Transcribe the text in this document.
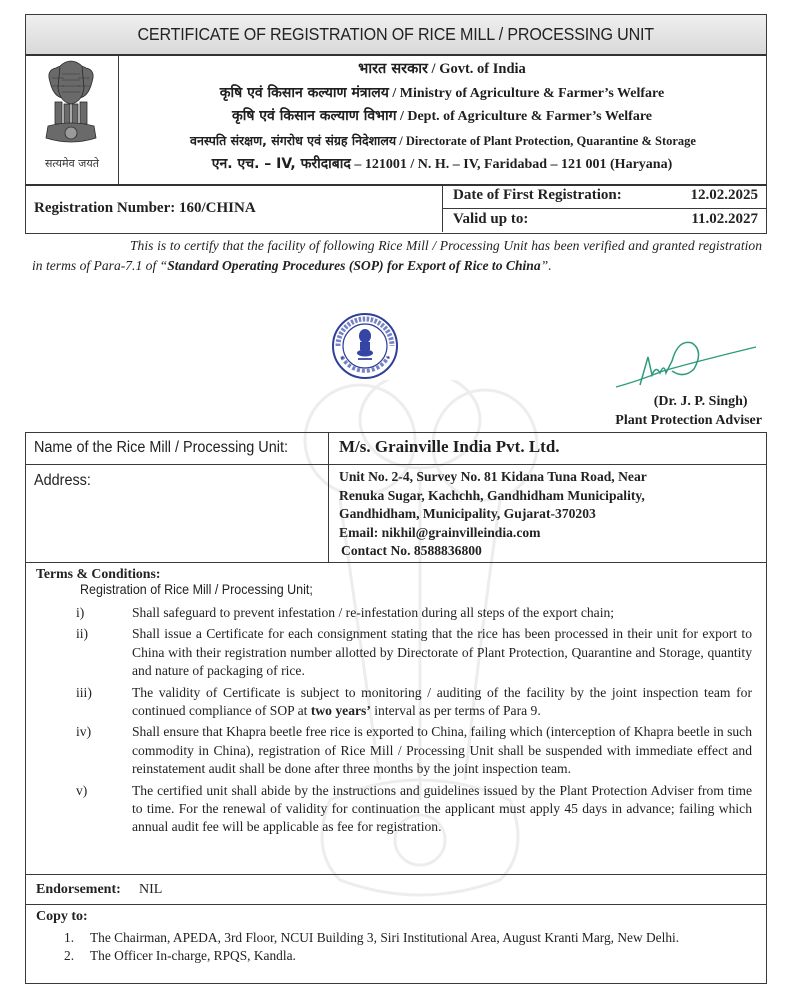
CERTIFICATE OF REGISTRATION OF RICE MILL / PROCESSING UNIT
सत्यमेव जयते
भारत सरकार / Govt. of India
कृषि एवं किसान कल्याण मंत्रालय / Ministry of Agriculture & Farmer’s Welfare
कृषि एवं किसान कल्याण विभाग / Dept. of Agriculture & Farmer’s Welfare
वनस्पति संरक्षण, संगरोध एवं संग्रह निदेशालय / Directorate of Plant Protection, Quarantine & Storage
एन. एच. – IV, फरीदाबाद – 121001 / N. H. – IV, Faridabad – 121 001 (Haryana)
Registration Number: 160/CHINA
Date of First Registration:	12.02.2025
Valid up to:	11.02.2027

This is to certify that the facility of following Rice Mill / Processing Unit has been verified and granted registration in terms of Para-7.1 of “Standard Operating Procedures (SOP) for Export of Rice to China”.

★	★
(Dr. J. P. Singh)
Plant Protection Adviser
Name of the Rice Mill / Processing Unit:	M/s. Grainville India Pvt. Ltd.
Address:	Unit No. 2-4, Survey No. 81 Kidana Tuna Road, Near
Renuka Sugar, Kachchh, Gandhidham Municipality,
Gandhidham, Municipality, Gujarat-370203
Email: nikhil@grainvilleindia.com
Contact No. 8588836800
Terms & Conditions:
Registration of Rice Mill / Processing Unit;
i)	Shall safeguard to prevent infestation / re-infestation during all steps of the export chain;
ii)	Shall issue a Certificate for each consignment stating that the rice has been processed in their unit for export to China with their registration number allotted by Directorate of Plant Protection, Quarantine and Storage, quantity and nature of packaging of rice.
iii)	The validity of Certificate is subject to monitoring / auditing of the facility by the joint inspection team for continued compliance of SOP at two years’ interval as per terms of Para 9.
iv)	Shall ensure that Khapra beetle free rice is exported to China, failing which (interception of Khapra beetle in such commodity in China), registration of Rice Mill / Processing Unit shall be suspended with immediate effect and reinstatement audit shall be done after three months by the joint inspection team.
v)	The certified unit shall abide by the instructions and guidelines issued by the Plant Protection Adviser from time to time. For the renewal of validity for continuation the applicant must apply 45 days in advance; failing which annual audit fee will be applicable as fee for registration.
Endorsement: NIL
Copy to:
1. The Chairman, APEDA, 3rd Floor, NCUI Building 3, Siri Institutional Area, August Kranti Marg, New Delhi.
2. The Officer In-charge, RPQS, Kandla.
